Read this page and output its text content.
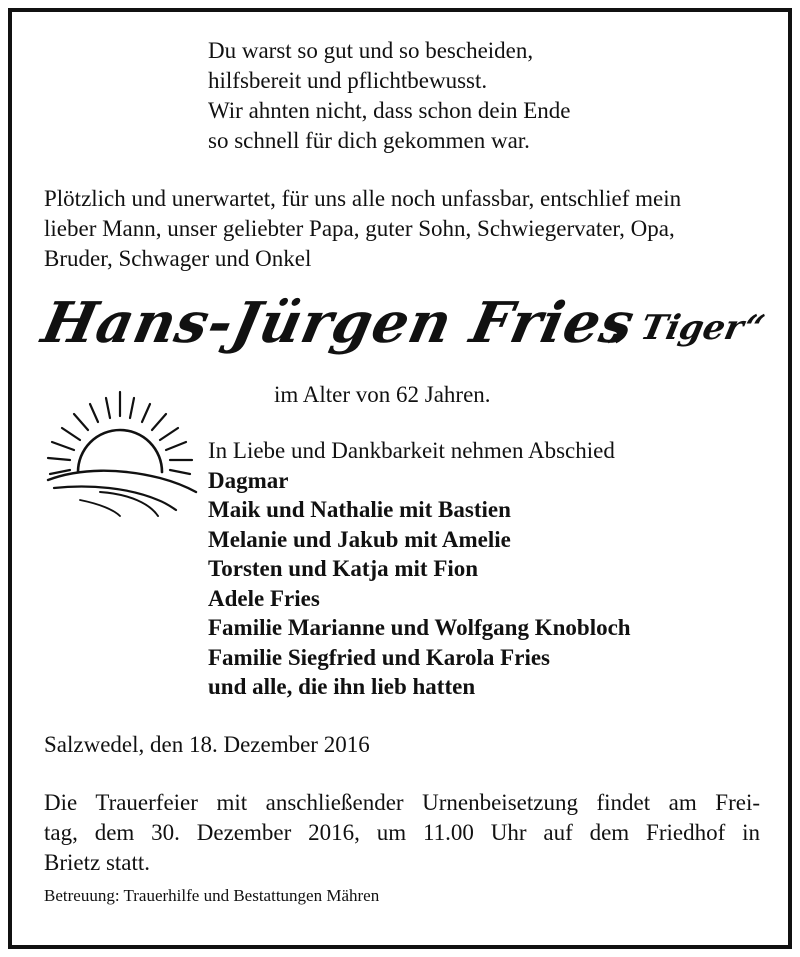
Du warst so gut und so bescheiden,
hilfsbereit und pflichtbewusst.
Wir ahnten nicht, dass schon dein Ende
so schnell für dich gekommen war.
Plötzlich und unerwartet, für uns alle noch unfassbar, entschlief mein
lieber Mann, unser geliebter Papa, guter Sohn, Schwiegervater, Opa,
Bruder, Schwager und Onkel
Hans-Jürgen Fries
„ Tiger“
im Alter von 62 Jahren.
In Liebe und Dankbarkeit nehmen Abschied
Dagmar
Maik und Nathalie mit Bastien
Melanie und Jakub mit Amelie
Torsten und Katja mit Fion
Adele Fries
Familie Marianne und Wolfgang Knobloch
Familie Siegfried und Karola Fries
und alle, die ihn lieb hatten
Salzwedel, den 18. Dezember 2016
Die Trauerfeier mit anschließender Urnenbeisetzung findet am Frei-
tag, dem 30. Dezember 2016, um 11.00 Uhr auf dem Friedhof in
Brietz statt.
Betreuung: Trauerhilfe und Bestattungen Mähren
